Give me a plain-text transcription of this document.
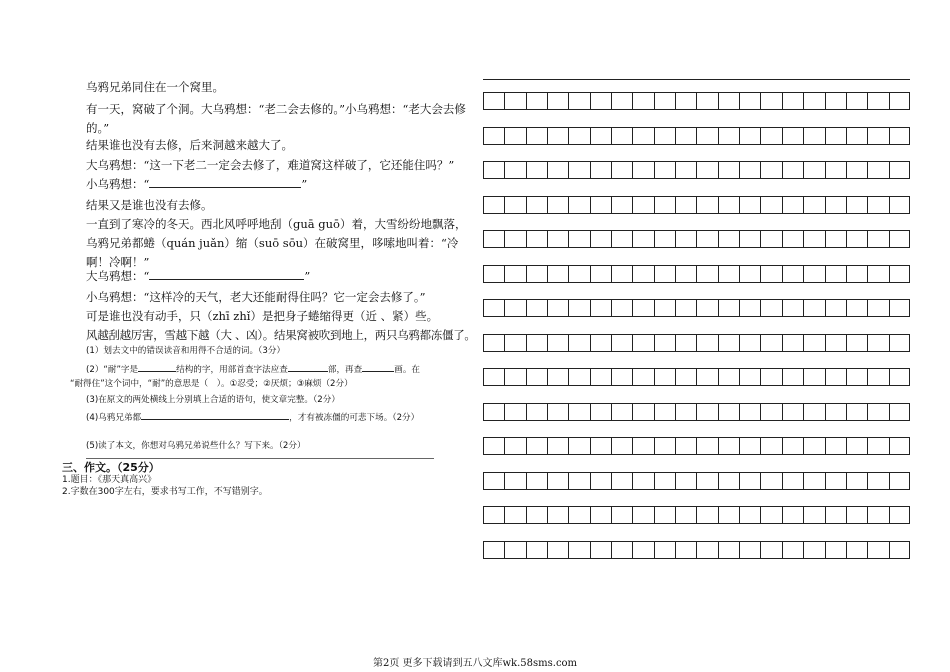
乌鸦兄弟同住在一个窝里。
有一天，窝破了个洞。大乌鸦想：“老二会去修的。”小乌鸦想：“老大会去修的。”
结果谁也没有去修，后来洞越来越大了。
大乌鸦想：“这一下老二一定会去修了，难道窝这样破了，它还能住吗？”
小乌鸦想：“	”
结果又是谁也没有去修。
一直到了寒冷的冬天。西北风呼呼地刮（guā guō）着，大雪纷纷地飘落，乌鸦兄弟都蜷（quán juǎn）缩（suō sōu）在破窝里，哆嗦地叫着：“冷啊！冷啊！”
大乌鸦想：“	”
小乌鸦想：“这样冷的天气，老大还能耐得住吗？它一定会去修了。”
可是谁也没有动手，只（zhī zhǐ）是把身子蜷缩得更（近 、紧）些。
风越刮越厉害，雪越下越（大 、凶）。结果窝被吹到地上，两只乌鸦都冻僵了。
(1）划去文中的错误读音和用得不合适的词。（3分）
(2）“耐”字是	结构的字，用部首查字法应查	部，再查	画。在
“耐得住”这个词中，“耐”的意思是（　）。①忍受；②厌烦；③麻烦（2分）
(3)在原文的两处横线上分别填上合适的语句，使文章完整。（2分）
(4)乌鸦兄弟都	，才有被冻僵的可悲下场。（2分）
(5)读了本文，你想对乌鸦兄弟说些什么？写下来。（2分）
三、作文。（25分）
1.题目：《那天真高兴》
2.字数在300字左右，要求书写工作，不写错别字。
第2页 更多下载请到五八文库wk.58sms.com
